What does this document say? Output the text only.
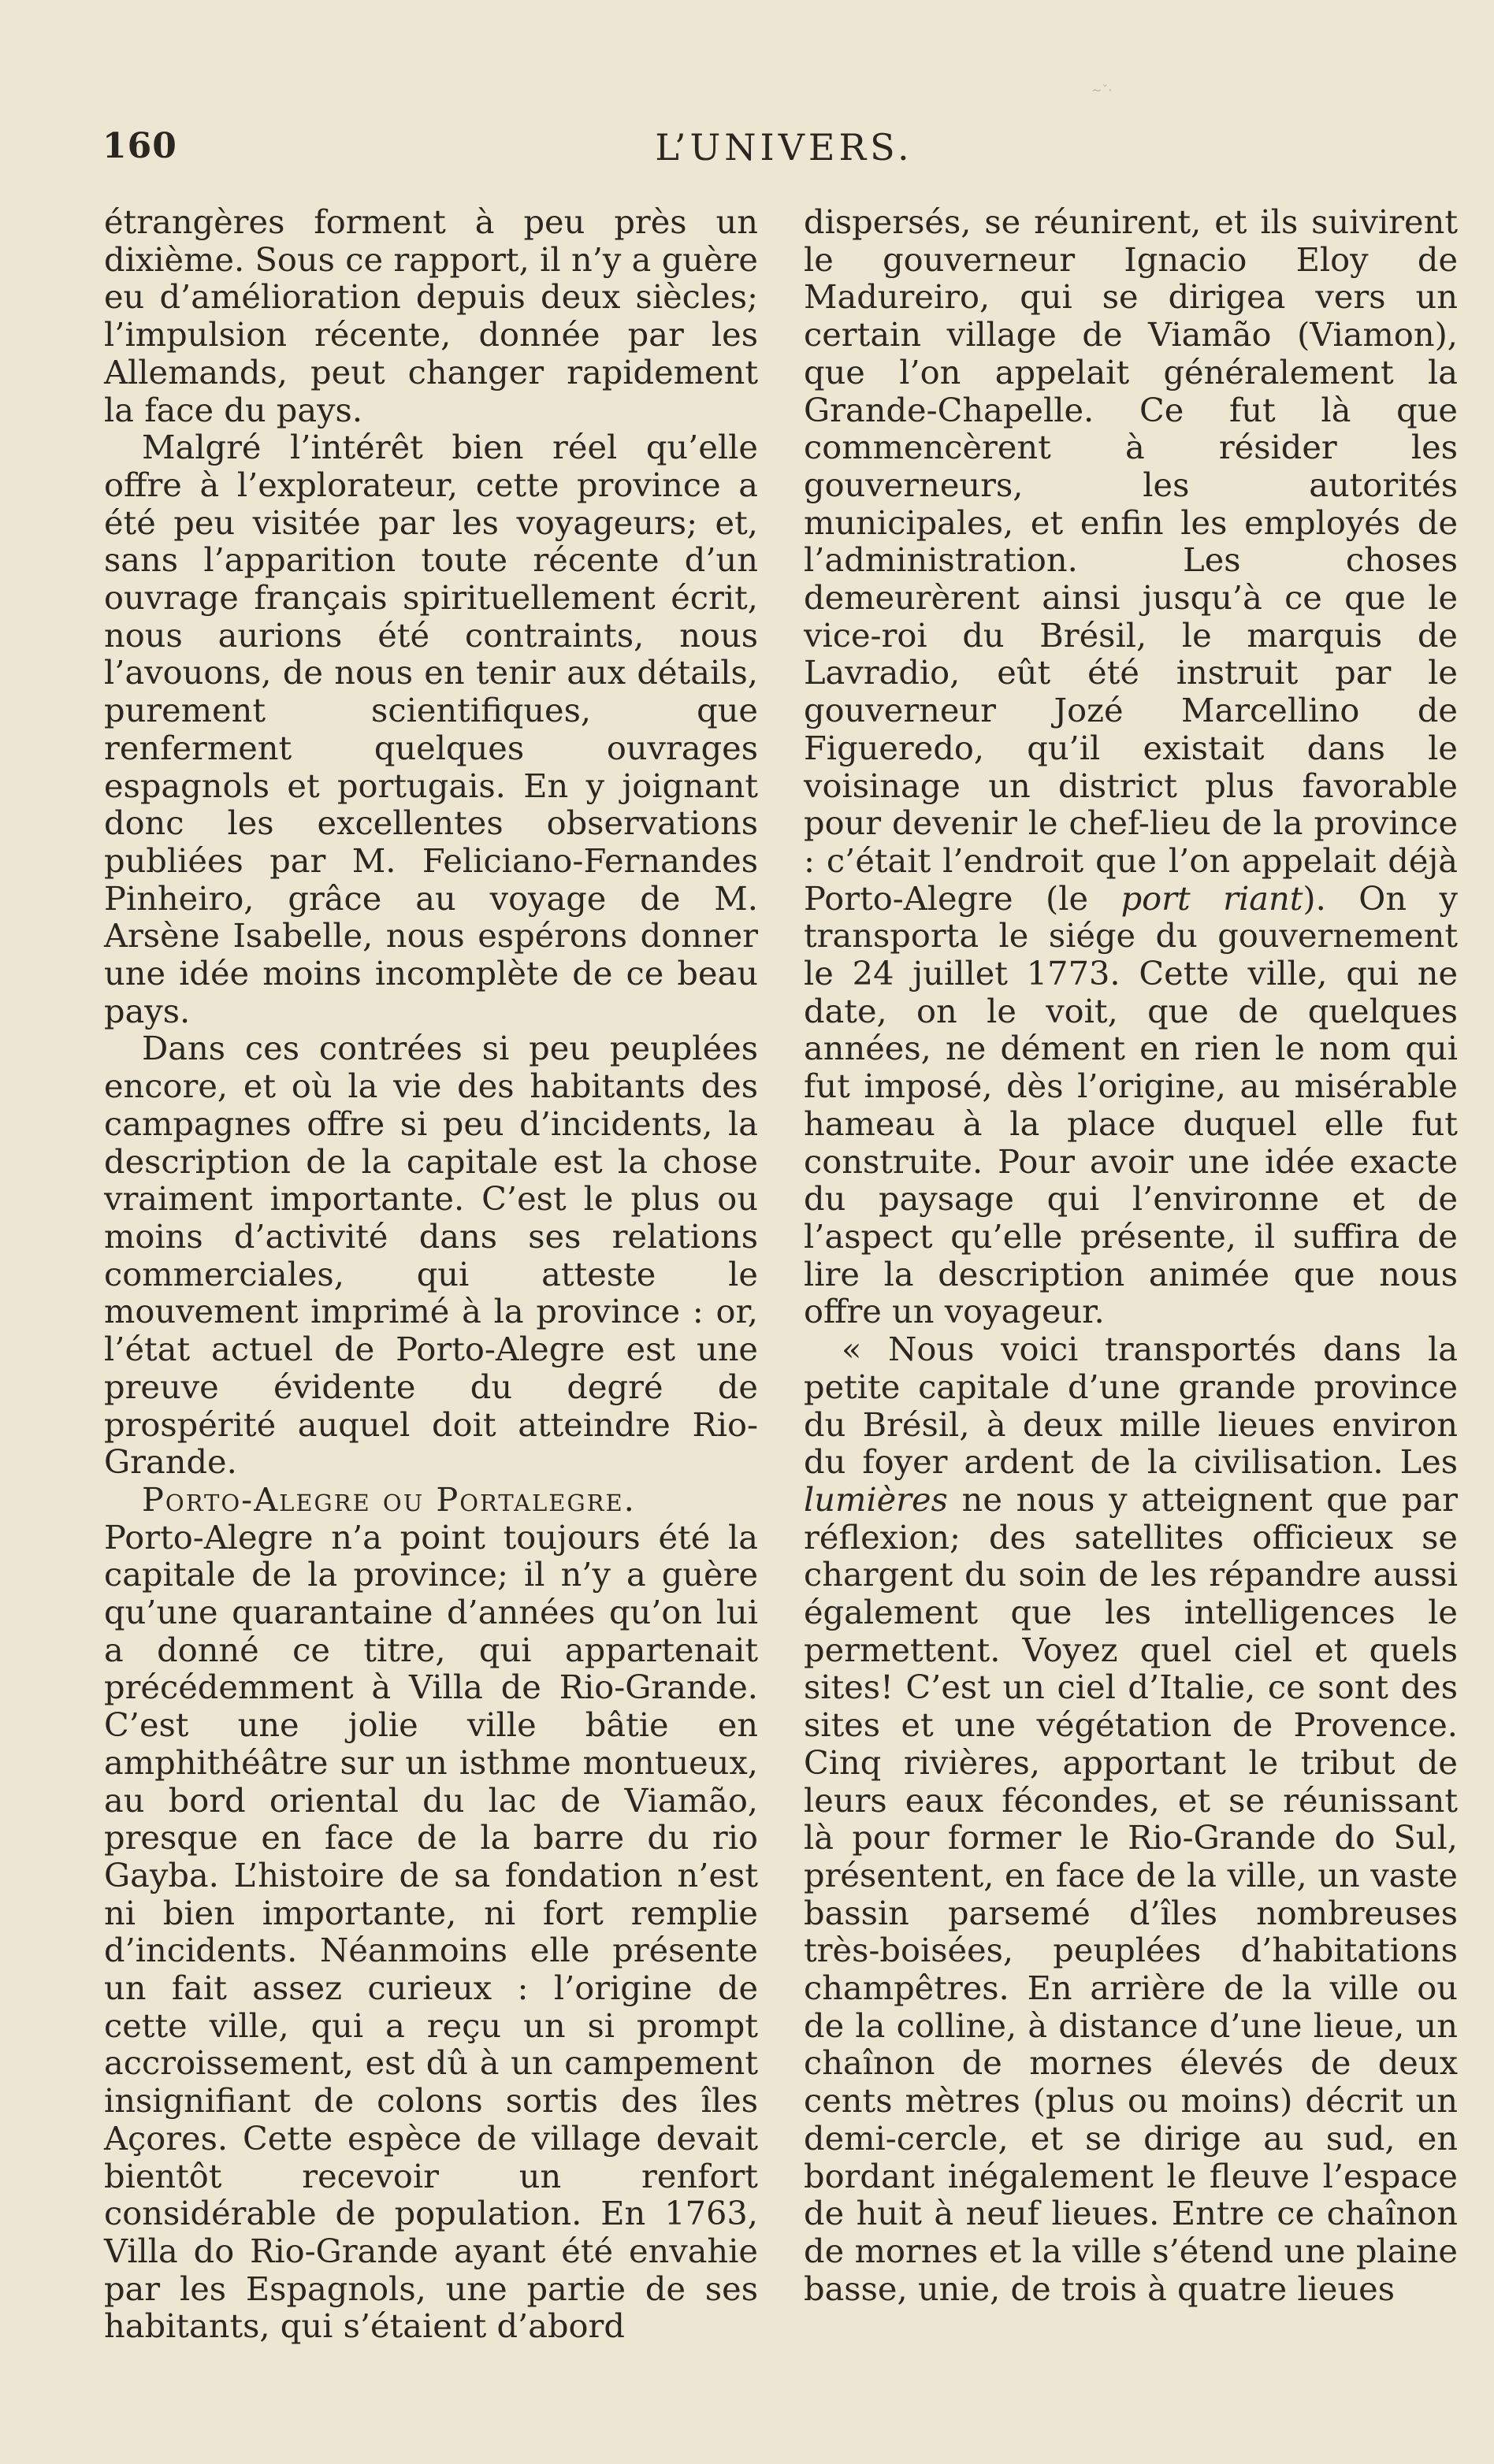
~ˇ·
160	L’UNIVERS.

étrangères forment à peu près un dixième. Sous ce rapport, il n’y a guère eu d’amélioration depuis deux siècles; l’impulsion récente, donnée par les Allemands, peut changer rapidement la face du pays.

Malgré l’intérêt bien réel qu’elle offre à l’explorateur, cette province a été peu visitée par les voyageurs; et, sans l’apparition toute récente d’un ouvrage français spirituellement écrit, nous aurions été contraints, nous l’avouons, de nous en tenir aux détails, purement scientifiques, que renferment quelques ouvrages espagnols et portugais. En y joignant donc les excellentes observations publiées par M. Feliciano-Fernandes Pinheiro, grâce au voyage de M. Arsène Isabelle, nous espérons donner une idée moins incomplète de ce beau pays.

Dans ces contrées si peu peuplées encore, et où la vie des habitants des campagnes offre si peu d’incidents, la description de la capitale est la chose vraiment importante. C’est le plus ou moins d’activité dans ses relations commerciales, qui atteste le mouvement imprimé à la province : or, l’état actuel de Porto-Alegre est une preuve évidente du degré de prospérité auquel doit atteindre Rio-Grande.

Porto-Alegre ou Portalegre.

Porto-Alegre n’a point toujours été la capitale de la province; il n’y a guère qu’une quarantaine d’années qu’on lui a donné ce titre, qui appartenait précédemment à Villa de Rio-Grande. C’est une jolie ville bâtie en amphithéâtre sur un isthme montueux, au bord oriental du lac de Viamão, presque en face de la barre du rio Gayba. L’histoire de sa fondation n’est ni bien importante, ni fort remplie d’incidents. Néanmoins elle présente un fait assez curieux : l’origine de cette ville, qui a reçu un si prompt accroissement, est dû à un campement insignifiant de colons sortis des îles Açores. Cette espèce de village devait bientôt recevoir un renfort considérable de population. En 1763, Villa do Rio-Grande ayant été envahie par les Espagnols, une partie de ses habitants, qui s’étaient d’abord

dispersés, se réunirent, et ils suivirent le gouverneur Ignacio Eloy de Madureiro, qui se dirigea vers un certain village de Viamão (Viamon), que l’on appelait généralement la Grande-Chapelle. Ce fut là que commencèrent à résider les gouverneurs, les autorités municipales, et enfin les employés de l’administration. Les choses demeurèrent ainsi jusqu’à ce que le vice-roi du Brésil, le marquis de Lavradio, eût été instruit par le gouverneur Jozé Marcellino de Figueredo, qu’il existait dans le voisinage un district plus favorable pour devenir le chef-lieu de la province : c’était l’endroit que l’on appelait déjà Porto-Alegre (le port riant). On y transporta le siége du gouvernement le 24 juillet 1773. Cette ville, qui ne date, on le voit, que de quelques années, ne dément en rien le nom qui fut imposé, dès l’origine, au misérable hameau à la place duquel elle fut construite. Pour avoir une idée exacte du paysage qui l’environne et de l’aspect qu’elle présente, il suffira de lire la description animée que nous offre un voyageur.

« Nous voici transportés dans la petite capitale d’une grande province du Brésil, à deux mille lieues environ du foyer ardent de la civilisation. Les lumières ne nous y atteignent que par réflexion; des satellites officieux se chargent du soin de les répandre aussi également que les intelligences le permettent. Voyez quel ciel et quels sites! C’est un ciel d’Italie, ce sont des sites et une végétation de Provence. Cinq rivières, apportant le tribut de leurs eaux fécondes, et se réunissant là pour former le Rio-Grande do Sul, présentent, en face de la ville, un vaste bassin parsemé d’îles nombreuses très-boisées, peuplées d’habitations champêtres. En arrière de la ville ou de la colline, à distance d’une lieue, un chaînon de mornes élevés de deux cents mètres (plus ou moins) décrit un demi-cercle, et se dirige au sud, en bordant inégalement le fleuve l’espace de huit à neuf lieues. Entre ce chaînon de mornes et la ville s’étend une plaine basse, unie, de trois à quatre lieues
